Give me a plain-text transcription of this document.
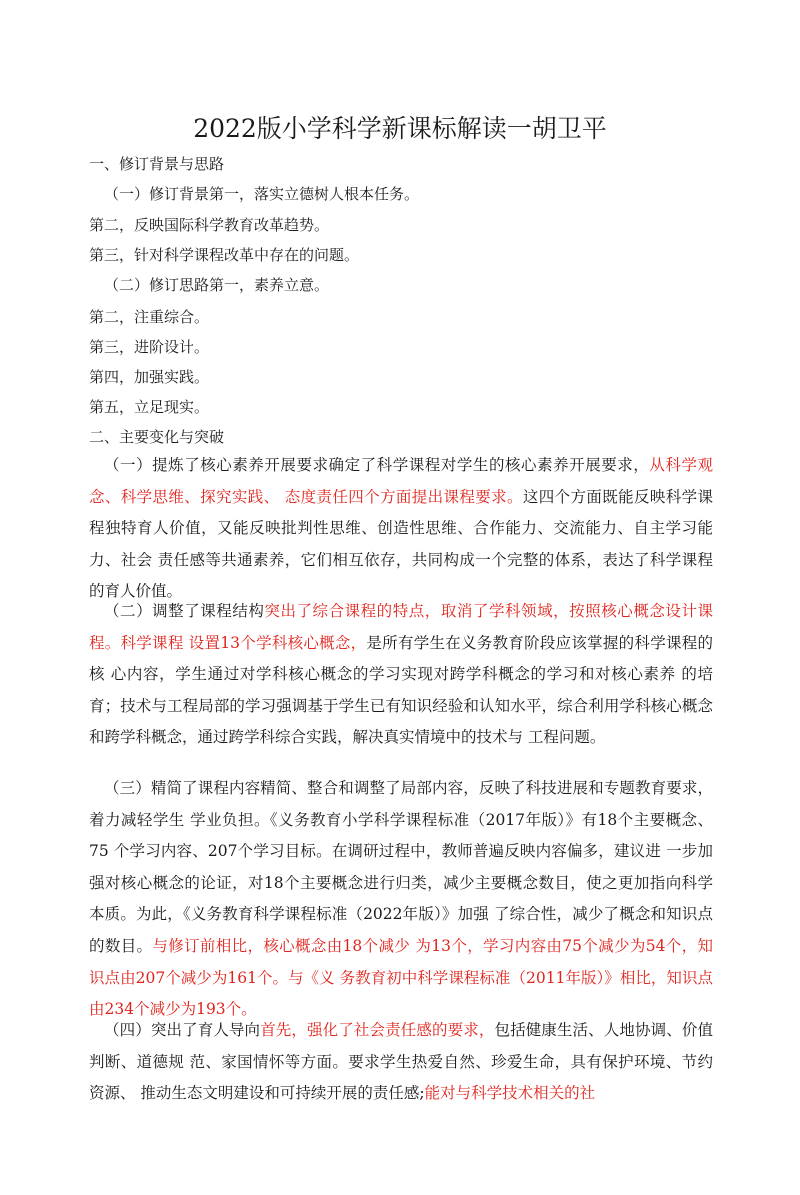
2022版小学科学新课标解读一胡卫平
一、修订背景与思路
（一）修订背景第一，落实立德树人根本任务。
第二，反映国际科学教育改革趋势。
第三，针对科学课程改革中存在的问题。
（二）修订思路第一，素养立意。
第二，注重综合。
第三，进阶设计。
第四，加强实践。
第五，立足现实。
二、主要变化与突破
（一）提炼了核心素养开展要求确定了科学课程对学生的核心素养开展要求，从科学观念、科学思维、探究实践、 态度责任四个方面提出课程要求。这四个方面既能反映科学课程独特育人价值，又能反映批判性思维、创造性思维、合作能力、交流能力、自主学习能力、社会 责任感等共通素养，它们相互依存，共同构成一个完整的体系，表达了科学课程 的育人价值。
（二）调整了课程结构突出了综合课程的特点，取消了学科领域，按照核心概念设计课程。科学课程 设置13个学科核心概念，是所有学生在义务教育阶段应该掌握的科学课程的核 心内容，学生通过对学科核心概念的学习实现对跨学科概念的学习和对核心素养 的培育；技术与工程局部的学习强调基于学生已有知识经验和认知水平，综合利用学科核心概念和跨学科概念，通过跨学科综合实践，解决真实情境中的技术与 工程问题。
（三）精简了课程内容精简、整合和调整了局部内容，反映了科技进展和专题教育要求，着力减轻学生 学业负担。《义务教育小学科学课程标准（2017年版）》有18个主要概念、75 个学习内容、207个学习目标。在调研过程中，教师普遍反映内容偏多，建议进 一步加强对核心概念的论证，对18个主要概念进行归类，减少主要概念数目，使之更加指向科学本质。为此，《义务教育科学课程标准（2022年版）》加强 了综合性，减少了概念和知识点的数目。与修订前相比，核心概念由18个减少 为13个，学习内容由75个减少为54个，知识点由207个减少为161个。与《义 务教育初中科学课程标准（2011年版）》相比，知识点由234个减少为193个。
（四）突出了育人导向首先，强化了社会责任感的要求，包括健康生活、人地协调、价值判断、道德规 范、家国情怀等方面。要求学生热爱自然、珍爱生命，具有保护环境、节约资源、 推动生态文明建设和可持续开展的责任感;能对与科学技术相关的社
